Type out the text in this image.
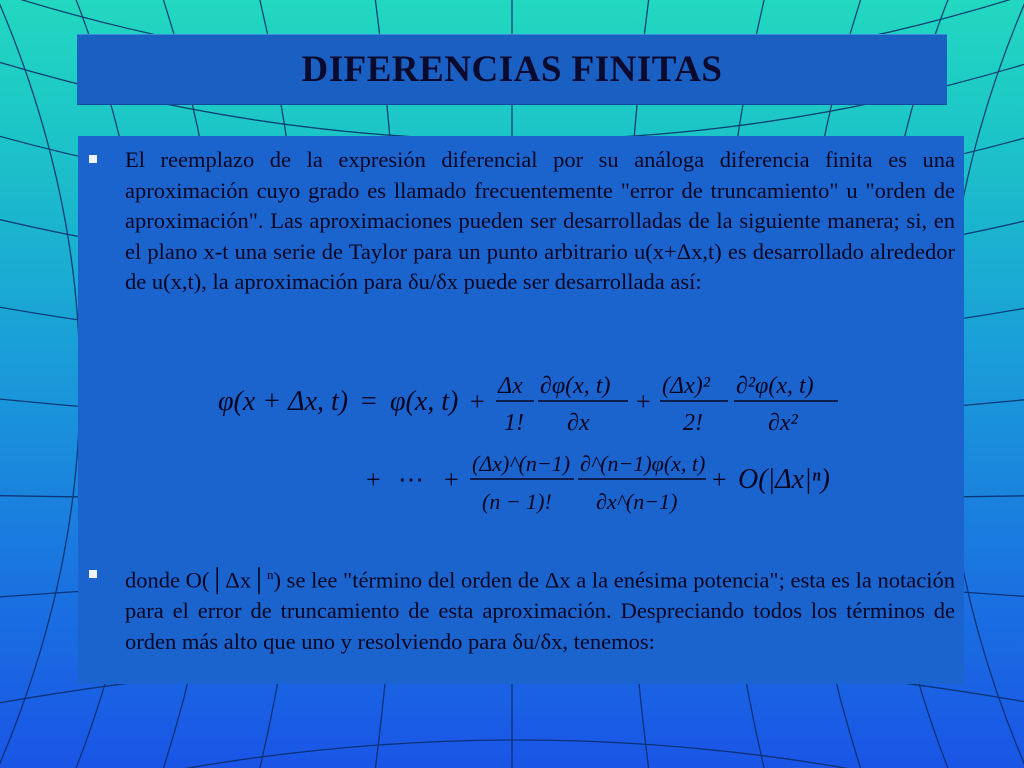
DIFERENCIAS FINITAS
El reemplazo de la expresión diferencial por su análoga diferencia finita es una aproximación cuyo grado es llamado frecuentemente "error de truncamiento" u "orden de aproximación". Las aproximaciones pueden ser desarrolladas de la siguiente manera; si, en el plano x-t una serie de Taylor para un punto arbitrario u(x+Δx,t) es desarrollado alrededor de u(x,t), la aproximación para δu/δx puede ser desarrollada así:
φ(x + Δx, t) = φ(x, t) +
Δx
1!
∂φ(x, t)
∂x
+
(Δx)²
2!
∂²φ(x, t)
∂x²
+ ⋯ +
(Δx)^(n−1)
(n − 1)!
∂^(n−1)φ(x, t)
∂x^(n−1)
+ O(|Δx|ⁿ)
donde O(│Δx│$^n$) se lee "término del orden de Δx a la enésima potencia"; esta es la notación para el error de truncamiento de esta aproximación. Despreciando todos los términos de orden más alto que uno y resolviendo para δu/δx, tenemos:
